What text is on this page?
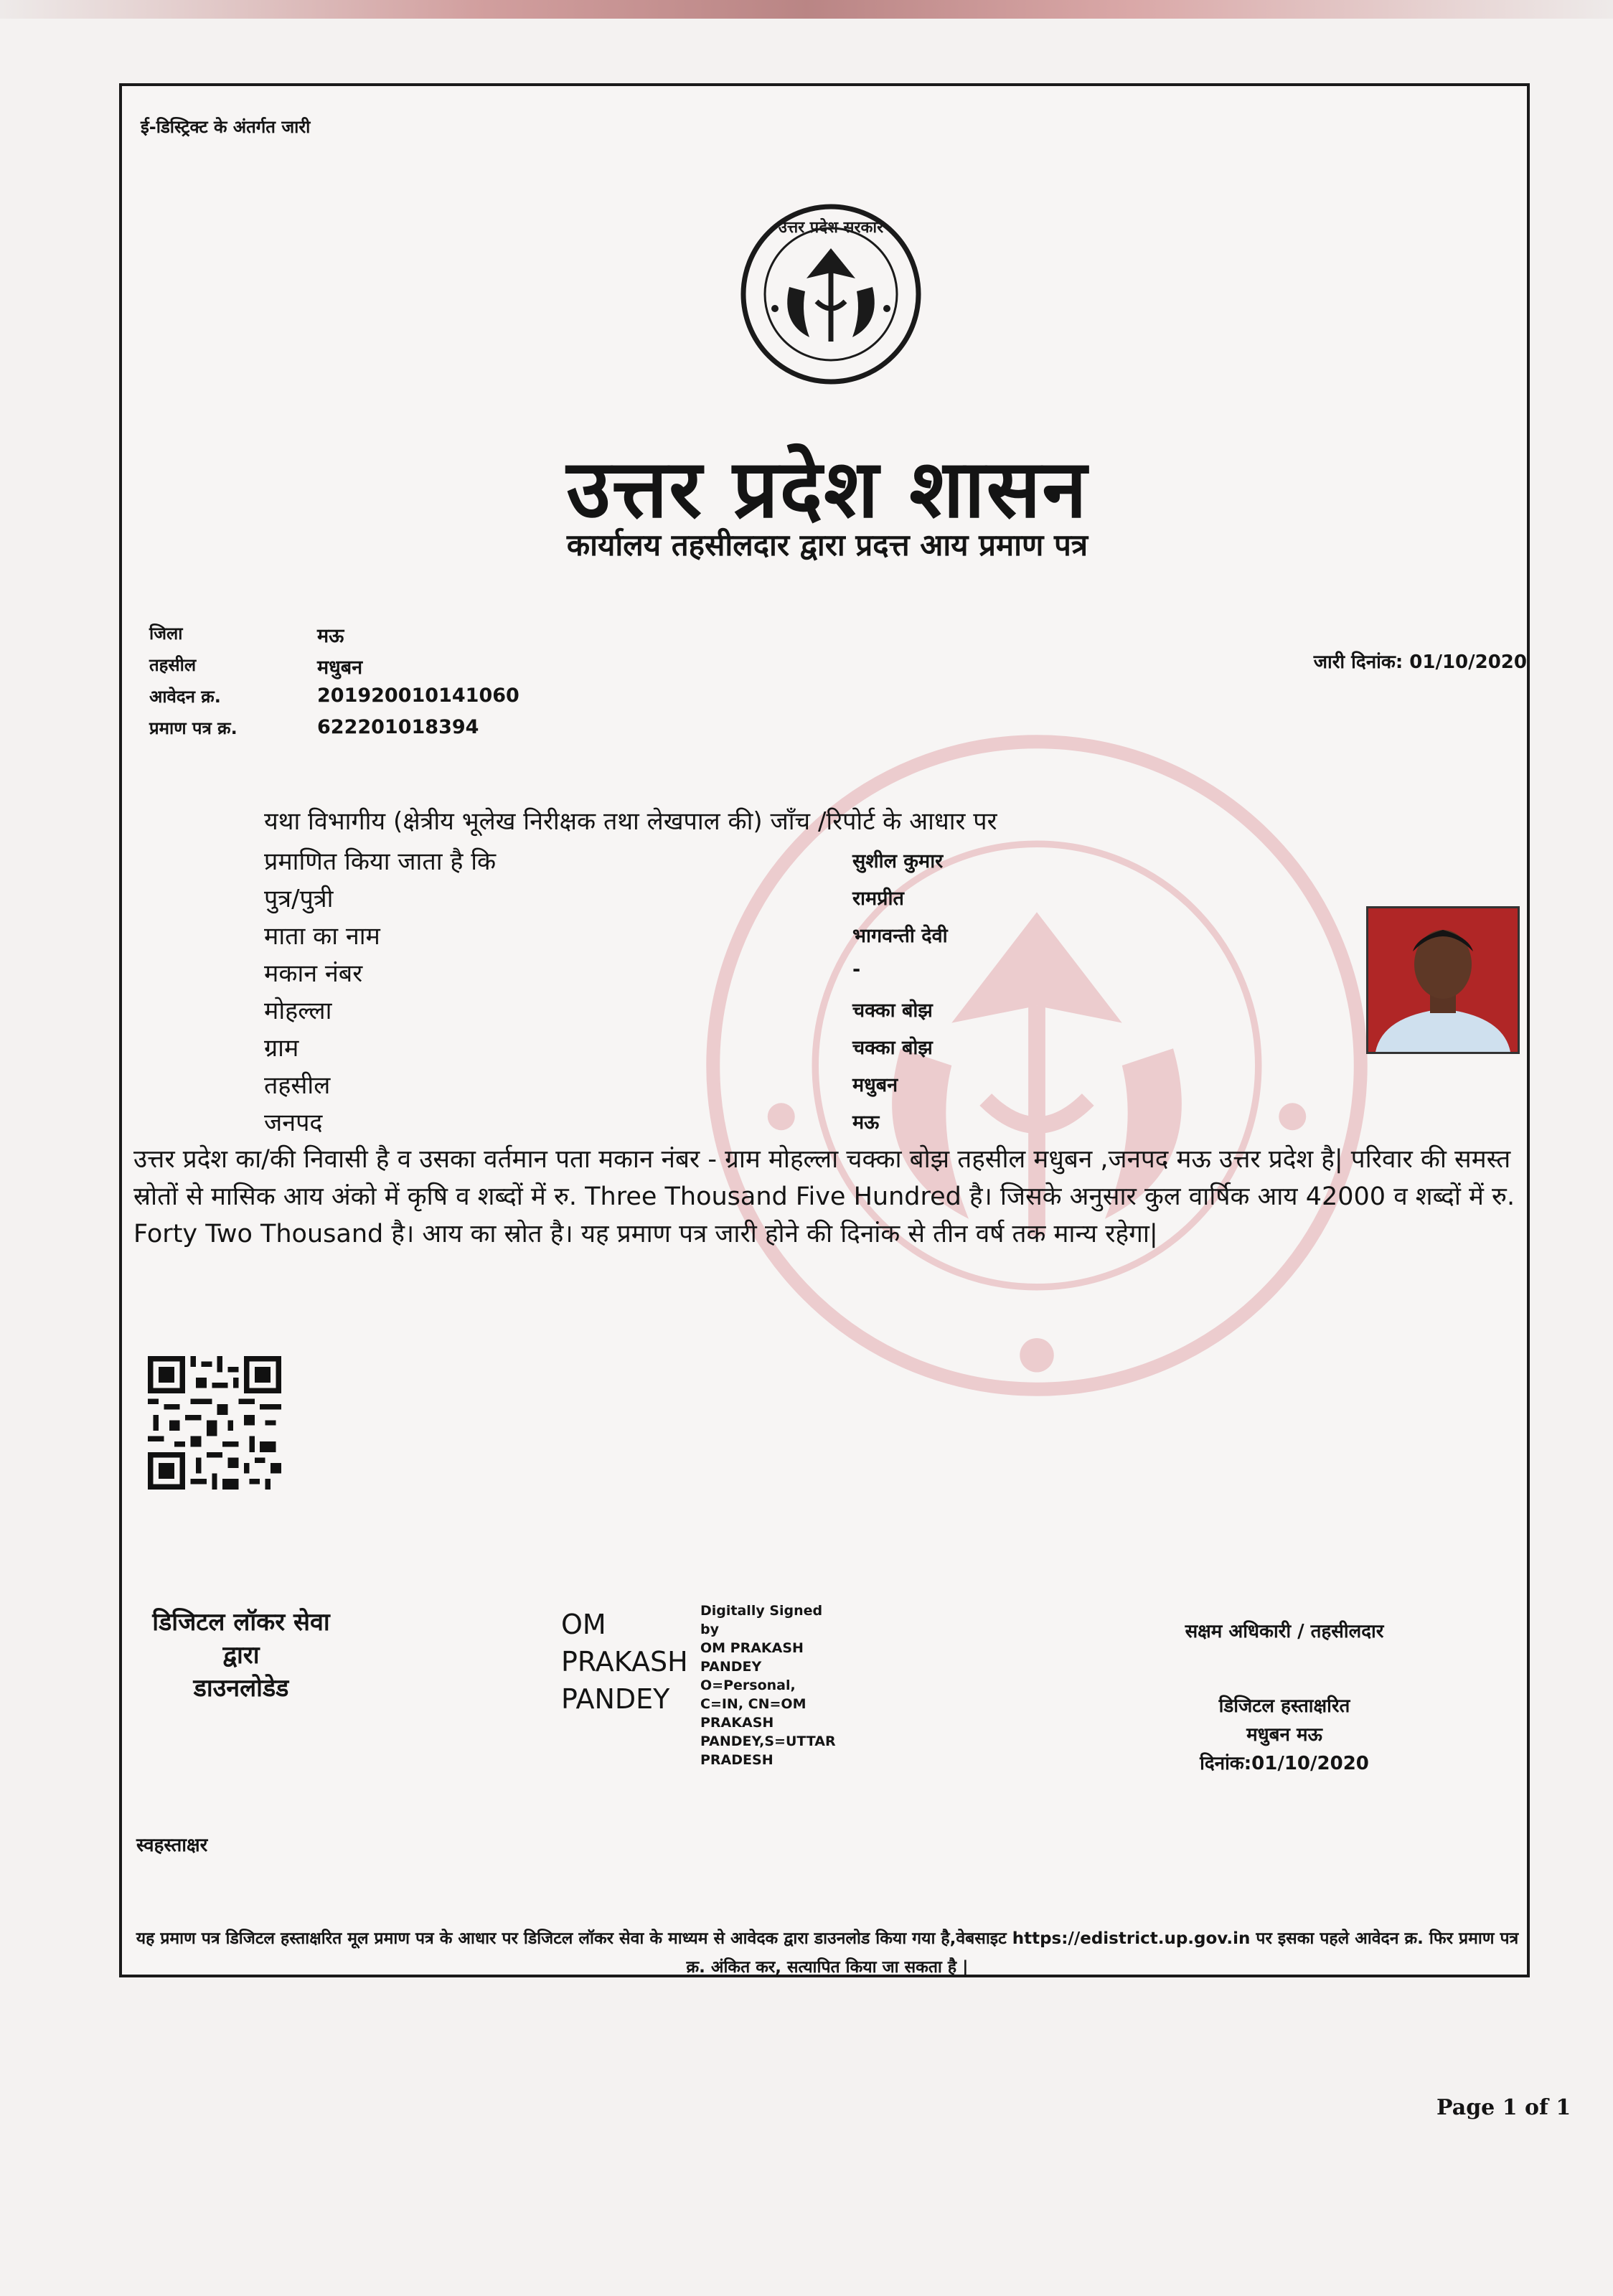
ई-डिस्ट्रिक्ट के अंतर्गत जारी
उत्तर प्रदेश सरकार
उत्तर प्रदेश शासन
कार्यालय तहसीलदार द्वारा प्रदत्त आय प्रमाण पत्र
जिला	मऊ
तहसील	मधुबन
आवेदन क्र.	201920010141060
प्रमाण पत्र क्र.	622201018394
जारी दिनांक: 01/10/2020
यथा विभागीय (क्षेत्रीय भूलेख निरीक्षक तथा लेखपाल की) जाँच /रिपोर्ट के आधार पर
प्रमाणित किया जाता है कि	सुशील कुमार
पुत्र/पुत्री	रामप्रीत
माता का नाम	भागवन्ती देवी
मकान नंबर	-
मोहल्ला	चक्का बोझ
ग्राम	चक्का बोझ
तहसील	मधुबन
जनपद	मऊ
उत्तर प्रदेश का/की निवासी है व उसका वर्तमान पता मकान नंबर - ग्राम मोहल्ला चक्का बोझ तहसील मधुबन ,जनपद मऊ उत्तर प्रदेश है| परिवार की समस्त स्रोतों से मासिक आय अंको में कृषि व शब्दों में रु. Three Thousand Five Hundred है। जिसके अनुसार कुल वार्षिक आय 42000 व शब्दों में रु. Forty Two Thousand है। आय का स्रोत है। यह प्रमाण पत्र जारी होने की दिनांक से तीन वर्ष तक मान्य रहेगा|
डिजिटल लॉकर सेवा
द्वारा
डाउनलोडेड
OM
PRAKASH
PANDEY
Digitally Signed
by
OM PRAKASH
PANDEY
O=Personal,
C=IN, CN=OM
PRAKASH
PANDEY,S=UTTAR
PRADESH
सक्षम अधिकारी / तहसीलदार
डिजिटल हस्ताक्षरित
मधुबन मऊ
दिनांक:01/10/2020
स्वहस्ताक्षर
यह प्रमाण पत्र डिजिटल हस्ताक्षरित मूल प्रमाण पत्र के आधार पर डिजिटल लॉकर सेवा के माध्यम से आवेदक द्वारा डाउनलोड किया गया है,वेबसाइट https://edistrict.up.gov.in पर इसका पहले आवेदन क्र. फिर प्रमाण पत्र क्र. अंकित कर, सत्यापित किया जा सकता है |
Page 1 of 1
